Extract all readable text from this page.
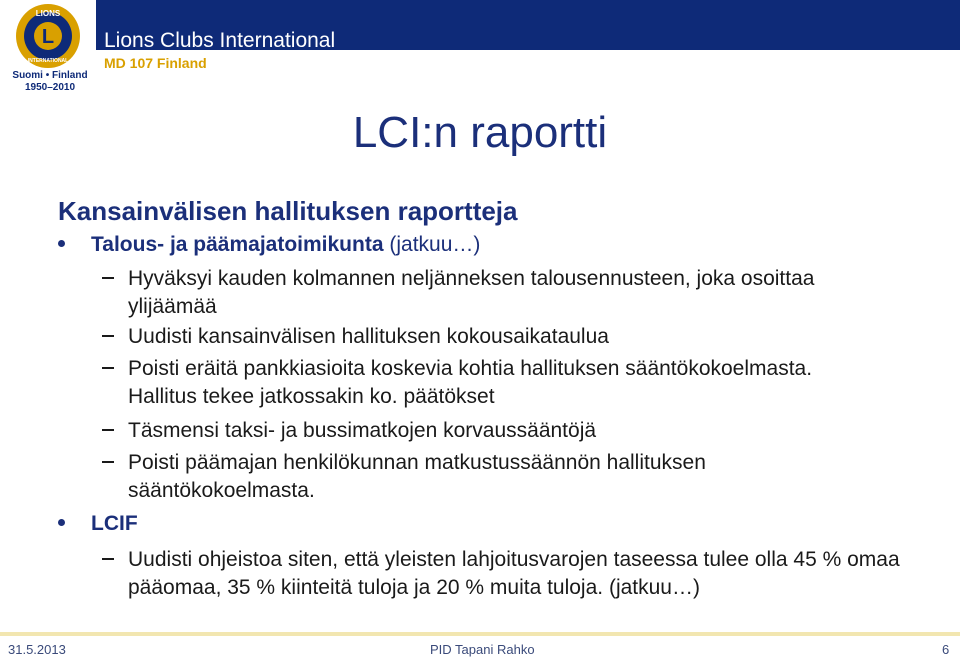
Lions Clubs International
MD 107 Finland
L
LIONS
INTERNATIONAL
Suomi • Finland
1950–2010
LCI:n raportti
Kansainvälisen hallituksen raportteja
Talous- ja päämajatoimikunta (jatkuu…)
Hyväksyi kauden kolmannen neljänneksen talousennusteen, joka osoittaa ylijäämää
Uudisti kansainvälisen hallituksen kokousaikataulua
Poisti eräitä pankkiasioita koskevia kohtia hallituksen sääntökokoelmasta. Hallitus tekee jatkossakin ko. päätökset
Täsmensi taksi- ja bussimatkojen korvaussääntöjä
Poisti päämajan henkilökunnan matkustussäännön hallituksen sääntökokoelmasta.
LCIF
Uudisti ohjeistoa siten, että yleisten lahjoitusvarojen taseessa tulee olla 45 % omaa pääomaa, 35 % kiinteitä tuloja ja 20 % muita tuloja. (jatkuu…)
31.5.2013	PID Tapani Rahko	6
